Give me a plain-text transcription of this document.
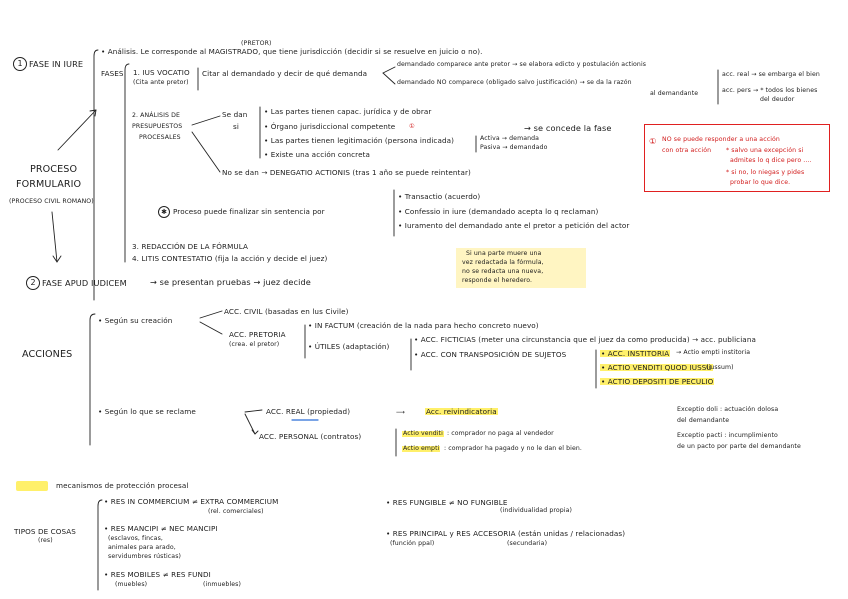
PROCESO
FORMULARIO
(PROCESO CIVIL ROMANO)
1 FASE IN IURE
(PRETOR)
• Análisis. Le corresponde al MAGISTRADO, que tiene jurisdicción (decidir si se resuelve en juicio o no).
FASES 1. IUS VOCATIO
(Cita ante pretor)
Citar al demandado y decir de qué demanda
demandado comparece ante pretor → se elabora edicto y postulación actionis
demandado NO comparece (obligado salvo justificación) → se da la razón
al demandante
acc. real → se embarga el bien
acc. pers → * todos los bienes
del deudor
2. ANÁLISIS DE
PRESUPUESTOS
PROCESALES
Se dan
si
• Las partes tienen capac. jurídica y de obrar
• Órgano jurisdiccional competente ①
• Las partes tienen legitimación (persona indicada)
• Existe una acción concreta
Activa → demanda
Pasiva → demandado
→ se concede la fase
No se dan → DENEGATIO ACTIONIS (tras 1 año se puede reintentar)
✱ Proceso puede finalizar sin sentencia por
• Transactio (acuerdo)
• Confessio in iure (demandado acepta lo q reclaman)
• Iuramento del demandado ante el pretor a petición del actor
3. REDACCIÓN DE LA FÓRMULA
4. LITIS CONTESTATIO (fija la acción y decide el juez)
① NO se puede responder a una acción
con otra acción * salvo una excepción si
admites lo q dice pero ....
* si no, lo niegas y pides
probar lo que dice.
Si una parte muere una
vez redactada la fórmula,
no se redacta una nueva,
responde el heredero.
2 FASE APUD IUDICEM	→ se presentan pruebas → juez decide
ACCIONES
• Según su creación
ACC. CIVIL (basadas en lus Civile)
ACC. PRETORIA
(crea. el pretor)
• IN FACTUM (creación de la nada para hecho concreto nuevo)
• ÚTILES (adaptación)
• ACC. FICTICIAS (meter una circunstancia que el juez da como producida) → acc. publiciana
• ACC. CON TRANSPOSICIÓN DE SUJETOS	• ACC. INSTITORIA → Actio empti institoria
• ACTIO VENDITI QUOD IUSSU
(iussum)
• ACTIO DEPOSITI DE PECULIO
• Según lo que se reclame	ACC. REAL (propiedad)	⟶	Acc. reivindicatoria
ACC. PERSONAL (contratos)	Actio venditi : comprador no paga al vendedor
Actio empti : comprador ha pagado y no le dan el bien.
Exceptio doli : actuación dolosa
del demandante
Exceptio pacti : incumplimiento
de un pacto por parte del demandante
mecanismos de protección procesal
TIPOS DE COSAS
(res)
• RES IN COMMERCIUM ≠ EXTRA COMMERCIUM
(rel. comerciales)
• RES MANCIPI ≠ NEC MANCIPI
(esclavos, fincas,
animales para arado,
servidumbres rústicas)
• RES MOBILES ≠ RES FUNDI
(muebles)	(inmuebles)
• RES FUNGIBLE ≠ NO FUNGIBLE
(individualidad propia)
• RES PRINCIPAL y RES ACCESORIA (están unidas / relacionadas)
(función ppal)	(secundaria)
